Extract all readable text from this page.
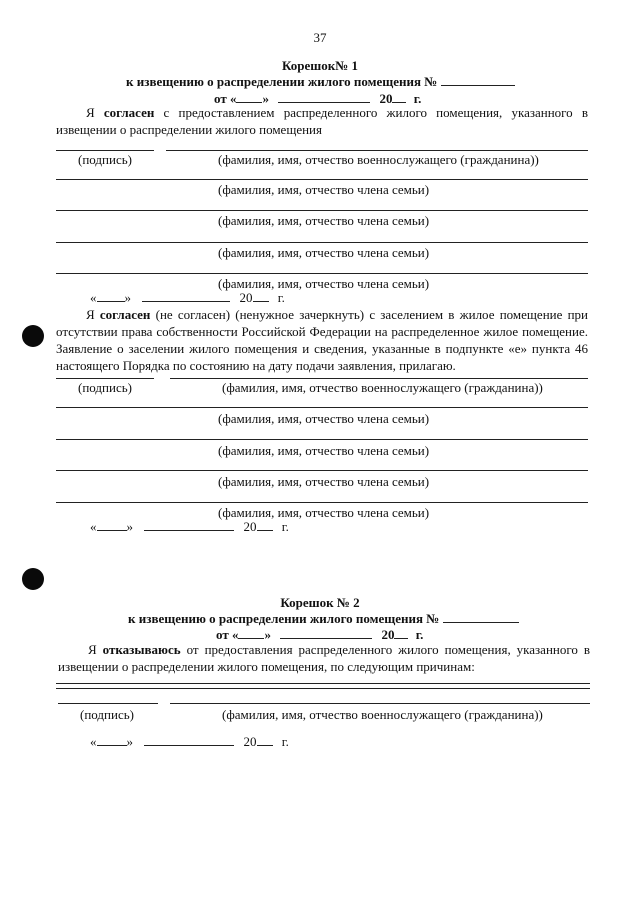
37
Корешок№ 1
к извещению о распределении жилого помещения №
от « »	20 г.
Я согласен с предоставлением распределенного жилого помещения, указанного в извещении о распределении жилого помещения
(подпись)	(фамилия, имя, отчество военнослужащего (гражданина))
(фамилия, имя, отчество члена семьи)
(фамилия, имя, отчество члена семьи)
(фамилия, имя, отчество члена семьи)
(фамилия, имя, отчество члена семьи)
« »	20 г.
Я согласен (не согласен) (ненужное зачеркнуть) с заселением в жилое помещение при отсутствии права собственности Российской Федерации на распределенное жилое помещение. Заявление о заселении жилого помещения и сведения, указанные в подпункте «е» пункта 46 настоящего Порядка по состоянию на дату подачи заявления, прилагаю.
(подпись)	(фамилия, имя, отчество военнослужащего (гражданина))
(фамилия, имя, отчество члена семьи)
(фамилия, имя, отчество члена семьи)
(фамилия, имя, отчество члена семьи)
(фамилия, имя, отчество члена семьи)
« »	20 г.
Корешок № 2
к извещению о распределении жилого помещения №
от « »	20 г.
Я отказываюсь от предоставления распределенного жилого помещения, указанного в извещении о распределении жилого помещения, по следующим причинам:
(подпись)	(фамилия, имя, отчество военнослужащего (гражданина))
« »	20 г.
